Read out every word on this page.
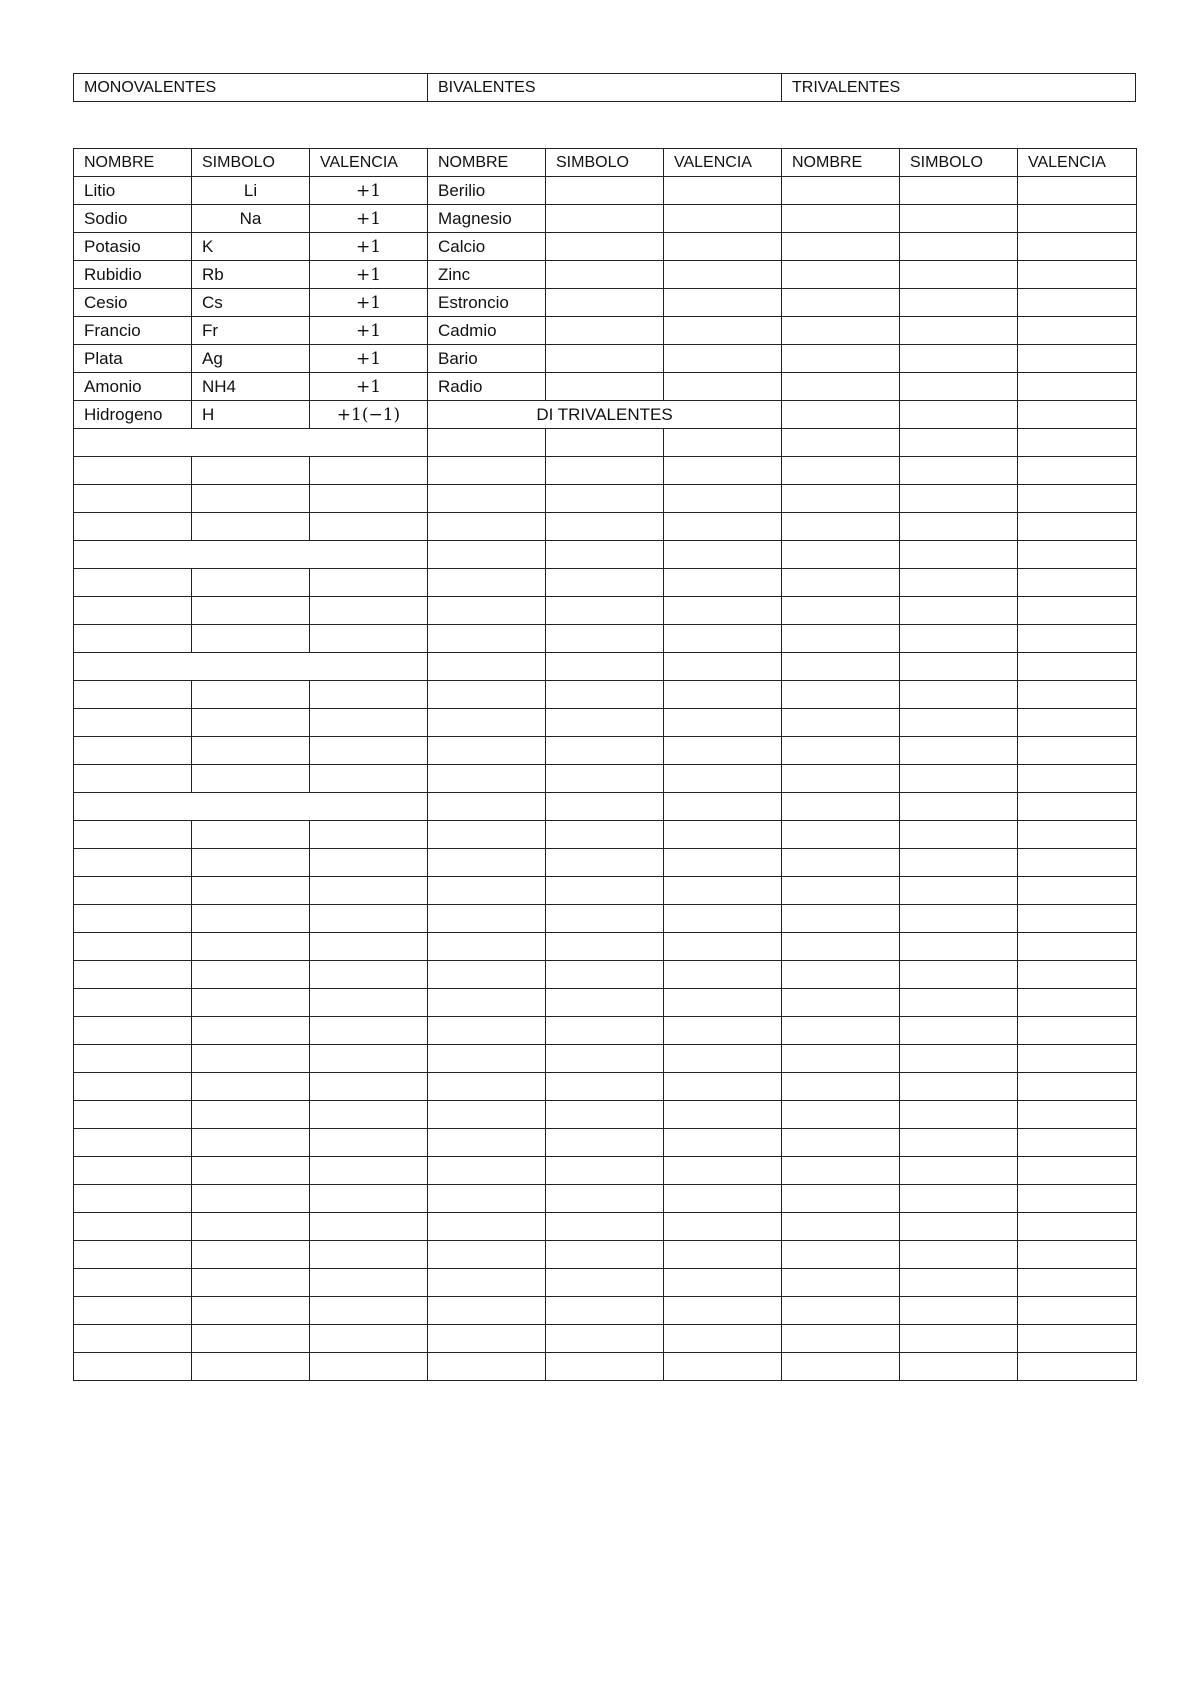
MONOVALENTES	BIVALENTES	TRIVALENTES
NOMBRE	SIMBOLO	VALENCIA	NOMBRE	SIMBOLO	VALENCIA	NOMBRE	SIMBOLO	VALENCIA
Litio	Li	+1	Berilio					
Sodio	Na	+1	Magnesio					
Potasio	K	+1	Calcio					
Rubidio	Rb	+1	Zinc					
Cesio	Cs	+1	Estroncio					
Francio	Fr	+1	Cadmio					
Plata	Ag	+1	Bario					
Amonio	NH4	+1	Radio					
Hidrogeno	H	+1(−1)	DI TRIVALENTES					
